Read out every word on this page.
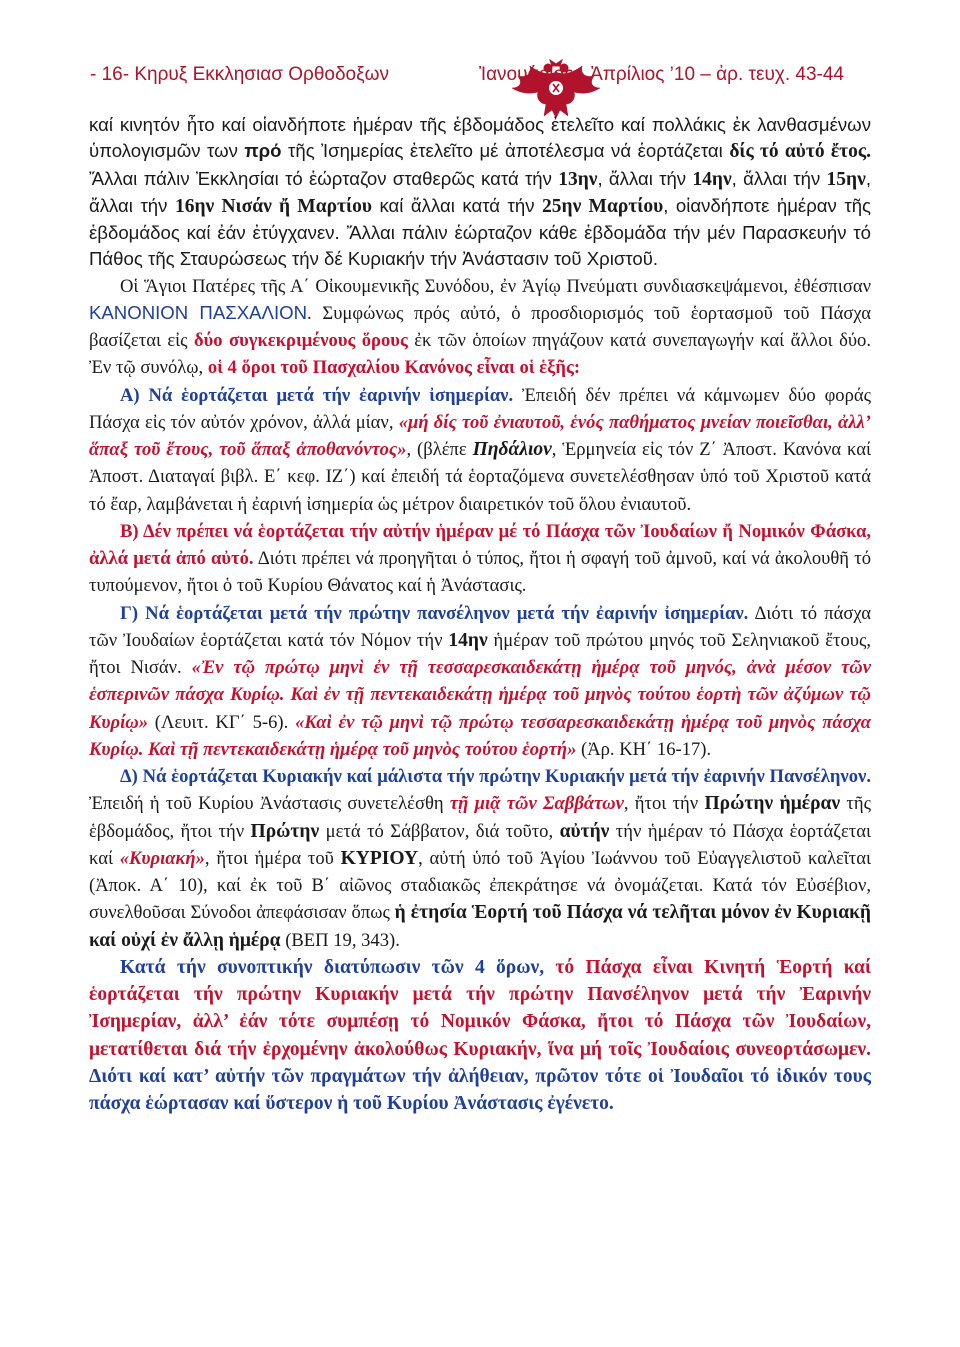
- 16- Κηρυξ Εκκλησιασ Ορθοδοξων	Ἰανουάριος - Ἀπρίλιος ’10 – ἀρ. τευχ. 43-44

καί κινητόν ἦτο καί οἱανδήποτε ἡμέραν τῆς ἑβδομάδος ἐτελεῖτο καί πολλάκις ἐκ λανθασμένων ὑπολογισμῶν των πρό τῆς Ἰσημερίας ἐτελεῖτο μέ ἀποτέλεσμα νά ἑορτάζεται δίς τό αὐτό ἔτος. Ἄλλαι πάλιν Ἐκκλησίαι τό ἑώρταζον σταθερῶς κατά τήν 13ην, ἄλλαι τήν 14ην, ἄλλαι τήν 15ην, ἄλλαι τήν 16ην Νισάν ἤ Μαρτίου καί ἄλλαι κατά τήν 25ην Μαρτίου, οἱανδήποτε ἡμέραν τῆς ἑβδομάδος καί ἐάν ἐτύγχανεν. Ἄλλαι πάλιν ἑώρταζον κάθε ἑβδομάδα τήν μέν Παρασκευήν τό Πάθος τῆς Σταυρώσεως τήν δέ Κυριακήν τήν Ἀνάστασιν τοῦ Χριστοῦ.

Οἱ Ἅγιοι Πατέρες τῆς Α΄ Οἰκουμενικῆς Συνόδου, ἐν Ἁγίῳ Πνεύματι συνδιασκεψάμενοι, ἐθέσπισαν ΚΑΝΟΝΙΟΝ ΠΑΣΧΑΛΙΟΝ. Συμφώνως πρός αὐτό, ὁ προσδιορισμός τοῦ ἑορτασμοῦ τοῦ Πάσχα βασίζεται εἰς δύο συγκεκριμένους ὅρους ἐκ τῶν ὁποίων πηγάζουν κατά συνεπαγωγήν καί ἄλλοι δύο. Ἐν τῷ συνόλῳ, οἱ 4 ὅροι τοῦ Πασχαλίου Κανόνος εἶναι οἱ ἑξῆς:

Α) Νά ἑορτάζεται μετά τήν ἐαρινήν ἰσημερίαν. Ἐπειδή δέν πρέπει νά κάμνωμεν δύο φοράς Πάσχα εἰς τόν αὐτόν χρόνον, ἀλλά μίαν, «μή δίς τοῦ ἐνιαυτοῦ, ἑνός παθήματος μνείαν ποιεῖσθαι, ἀλλ’ ἅπαξ τοῦ ἔτους, τοῦ ἅπαξ ἀποθανόντος», (βλέπε Πηδάλιον, Ἑρμηνεία εἰς τόν Ζ΄ Ἀποστ. Κανόνα καί Ἀποστ. Διαταγαί βιβλ. Ε΄ κεφ. ΙΖ΄) καί ἐπειδή τά ἑορταζόμενα συνετελέσθησαν ὑπό τοῦ Χριστοῦ κατά τό ἔαρ, λαμβάνεται ἡ ἐαρινή ἰσημερία ὡς μέτρον διαιρετικόν τοῦ ὅλου ἐνιαυτοῦ.

Β) Δέν πρέπει νά ἑορτάζεται τήν αὐτήν ἡμέραν μέ τό Πάσχα τῶν Ἰουδαίων ἤ Νομικόν Φάσκα, ἀλλά μετά ἀπό αὐτό. Διότι πρέπει νά προηγῆται ὁ τύπος, ἤτοι ἡ σφαγή τοῦ ἀμνοῦ, καί νά ἀκολουθῆ τό τυπούμενον, ἤτοι ὁ τοῦ Κυρίου Θάνατος καί ἡ Ἀνάστασις.

Γ) Νά ἑορτάζεται μετά τήν πρώτην πανσέληνον μετά τήν ἐαρινήν ἰσημερίαν. Διότι τό πάσχα τῶν Ἰουδαίων ἑορτάζεται κατά τόν Νόμον τήν 14ην ἡμέραν τοῦ πρώτου μηνός τοῦ Σεληνιακοῦ ἔτους, ἤτοι Νισάν. «Ἐν τῷ πρώτῳ μηνὶ ἐν τῇ τεσσαρεσκαιδεκάτῃ ἡμέρᾳ τοῦ μηνός, ἀνὰ μέσον τῶν ἑσπερινῶν πάσχα Κυρίῳ. Καὶ ἐν τῇ πεντεκαιδεκάτῃ ἡμέρᾳ τοῦ μηνὸς τούτου ἑορτὴ τῶν ἀζύμων τῷ Κυρίῳ» (Λευιτ. ΚΓ΄ 5-6). «Καὶ ἐν τῷ μηνὶ τῷ πρώτῳ τεσσαρεσκαιδεκάτῃ ἡμέρᾳ τοῦ μηνὸς πάσχα Κυρίῳ. Καὶ τῇ πεντεκαιδεκάτῃ ἡμέρᾳ τοῦ μηνὸς τούτου ἑορτή» (Ἀρ. ΚΗ΄ 16-17).

Δ) Νά ἑορτάζεται Κυριακήν καί μάλιστα τήν πρώτην Κυριακήν μετά τήν ἐαρινήν Πανσέληνον. Ἐπειδή ἡ τοῦ Κυρίου Ἀνάστασις συνετελέσθη τῇ μιᾷ τῶν Σαββάτων, ἤτοι τήν Πρώτην ἡμέραν τῆς ἑβδομάδος, ἤτοι τήν Πρώτην μετά τό Σάββατον, διά τοῦτο, αὐτήν τήν ἡμέραν τό Πάσχα ἑορτάζεται καί «Κυριακή», ἤτοι ἡμέρα τοῦ ΚΥΡΙΟΥ, αὐτή ὑπό τοῦ Ἁγίου Ἰωάννου τοῦ Εὐαγγελιστοῦ καλεῖται (Ἀποκ. Α΄ 10), καί ἐκ τοῦ Β΄ αἰῶνος σταδιακῶς ἐπεκράτησε νά ὀνομάζεται. Κατά τόν Εὐσέβιον, συνελθοῦσαι Σύνοδοι ἀπεφάσισαν ὅπως ἡ ἐτησία Ἑορτή τοῦ Πάσχα νά τελῆται μόνον ἐν Κυριακῇ καί οὐχί ἐν ἄλλῃ ἡμέρᾳ (ΒΕΠ 19, 343).

Κατά τήν συνοπτικήν διατύπωσιν τῶν 4 ὅρων, τό Πάσχα εἶναι Κινητή Ἑορτή καί ἑορτάζεται τήν πρώτην Κυριακήν μετά τήν πρώτην Πανσέληνον μετά τήν Ἐαρινήν Ἰσημερίαν, ἀλλ’ ἐάν τότε συμπέσῃ τό Νομικόν Φάσκα, ἤτοι τό Πάσχα τῶν Ἰουδαίων, μετατίθεται διά τήν ἐρχομένην ἀκολούθως Κυριακήν, ἵνα μή τοῖς Ἰουδαίοις συνεορτάσωμεν. Διότι καί κατ’ αὐτήν τῶν πραγμάτων τήν ἀλήθειαν, πρῶτον τότε οἱ Ἰουδαῖοι τό ἰδικόν τους πάσχα ἑώρτασαν καί ὕστερον ἡ τοῦ Κυρίου Ἀνάστασις ἐγένετο.
